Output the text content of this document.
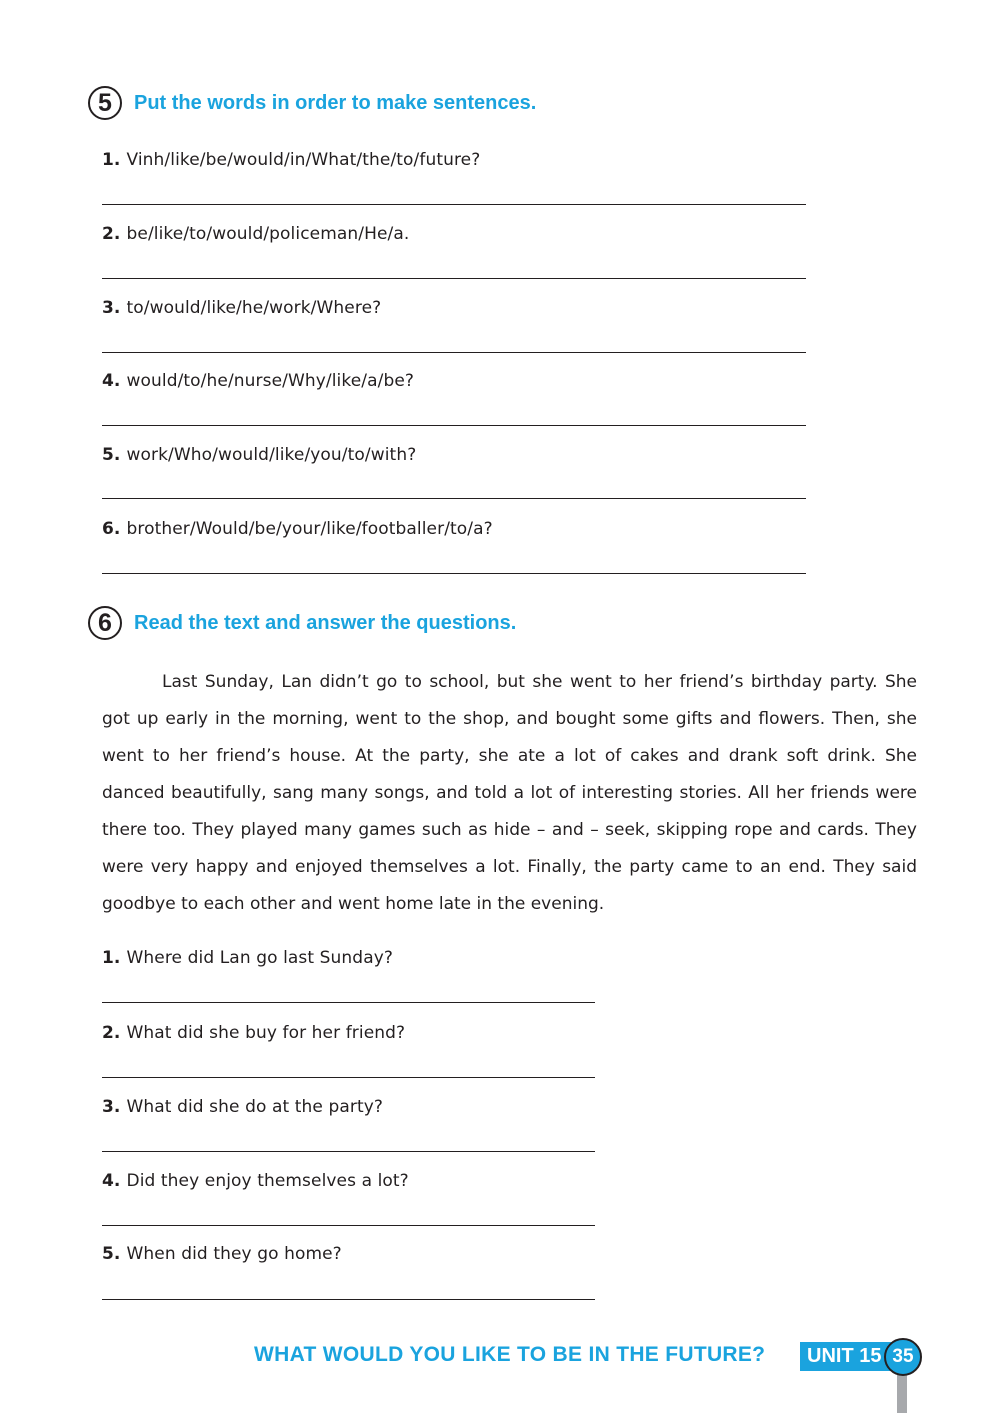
5	Put the words in order to make sentences.
1. Vinh/like/be/would/in/What/the/to/future?
2. be/like/to/would/policeman/He/a.
3. to/would/like/he/work/Where?
4. would/to/he/nurse/Why/like/a/be?
5. work/Who/would/like/you/to/with?
6. brother/Would/be/your/like/footballer/to/a?
6	Read the text and answer the questions.

Last Sunday, Lan didn’t go to school, but she went to her friend’s birthday party. She got up early in the morning, went to the shop, and bought some gifts and flowers. Then, she went to her friend’s house. At the party, she ate a lot of cakes and drank soft drink. She danced beautifully, sang many songs, and told a lot of interesting stories. All her friends were there too. They played many games such as hide – and – seek, skipping rope and cards. They were very happy and enjoyed themselves a lot. Finally, the party came to an end. They said goodbye to each other and went home late in the evening.

1. Where did Lan go last Sunday?
2. What did she buy for her friend?
3. What did she do at the party?
4. Did they enjoy themselves a lot?
5. When did they go home?
WHAT WOULD YOU LIKE TO BE IN THE FUTURE?	UNIT 15 35
